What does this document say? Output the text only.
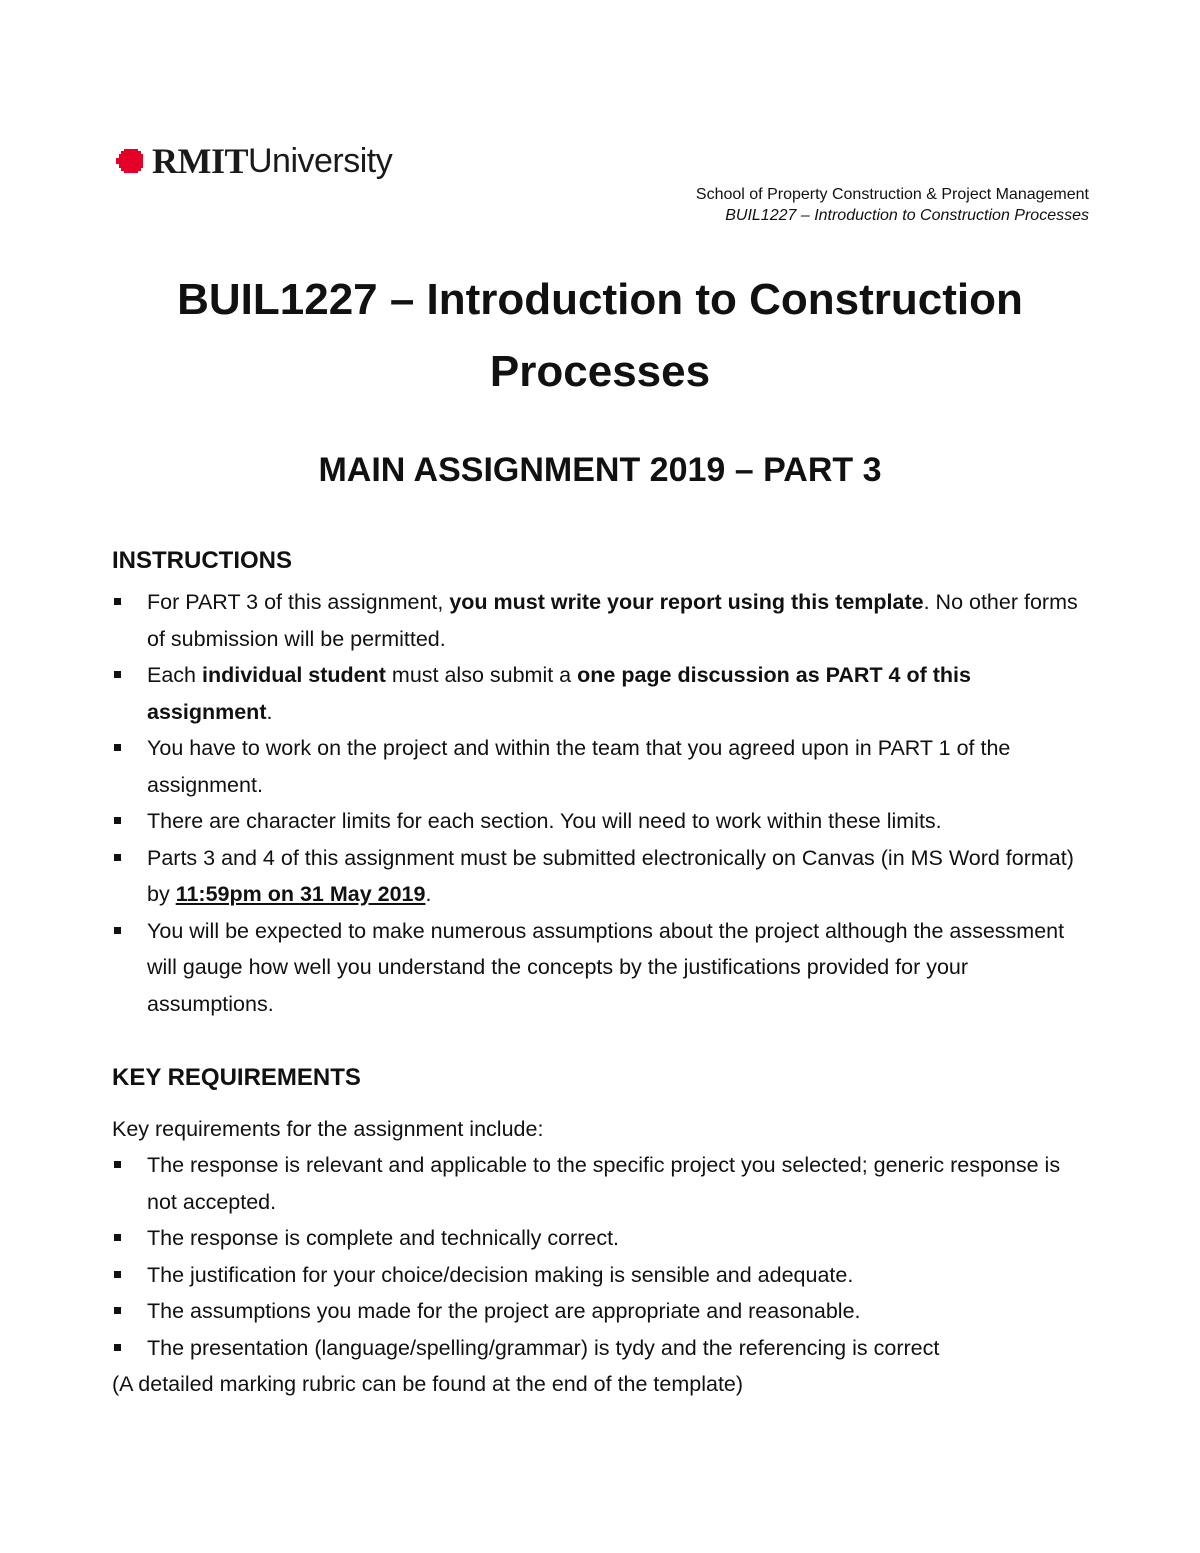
RMIT University
School of Property Construction & Project Management
BUIL1227 – Introduction to Construction Processes
BUIL1227 – Introduction to Construction
Processes
MAIN ASSIGNMENT 2019 – PART 3
INSTRUCTIONS
For PART 3 of this assignment, you must write your report using this template. No other forms of submission will be permitted.
Each individual student must also submit a one page discussion as PART 4 of this assignment.
You have to work on the project and within the team that you agreed upon in PART 1 of the assignment.
There are character limits for each section. You will need to work within these limits.
Parts 3 and 4 of this assignment must be submitted electronically on Canvas (in MS Word format) by 11:59pm on 31 May 2019.
You will be expected to make numerous assumptions about the project although the assessment will gauge how well you understand the concepts by the justifications provided for your assumptions.
KEY REQUIREMENTS
Key requirements for the assignment include:
The response is relevant and applicable to the specific project you selected; generic response is not accepted.
The response is complete and technically correct.
The justification for your choice/decision making is sensible and adequate.
The assumptions you made for the project are appropriate and reasonable.
The presentation (language/spelling/grammar) is tydy and the referencing is correct
(A detailed marking rubric can be found at the end of the template)
